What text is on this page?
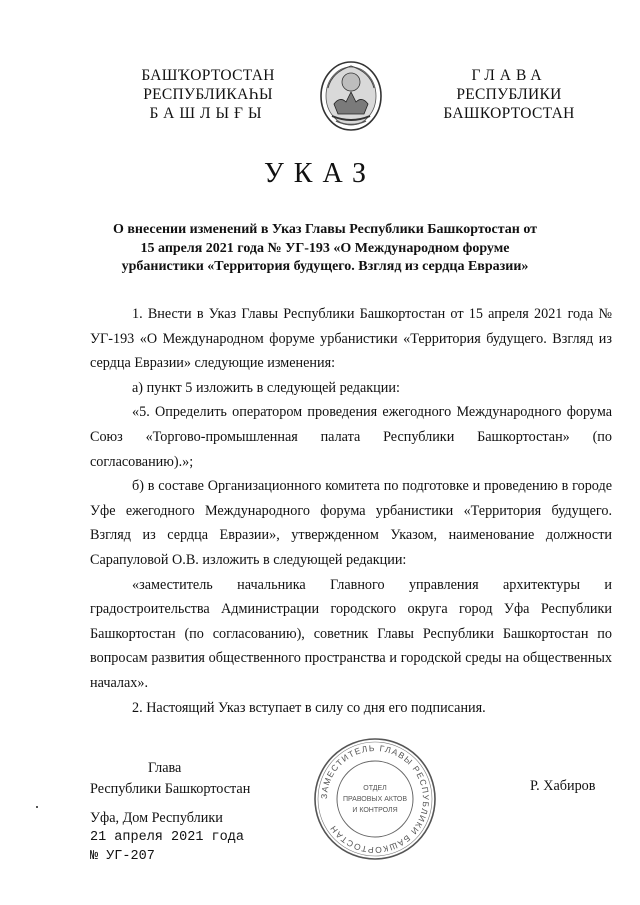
БАШҠОРТОСТАН
РЕСПУБЛИКАҺЫ
БАШЛЫҒЫ
ГЛАВА
РЕСПУБЛИКИ
БАШКОРТОСТАН
УКАЗ
О внесении изменений в Указ Главы Республики Башкортостан от 15 апреля 2021 года № УГ-193 «О Международном форуме урбанистики «Территория будущего. Взгляд из сердца Евразии»

1. Внести в Указ Главы Республики Башкортостан от 15 апреля 2021 года № УГ-193 «О Международном форуме урбанистики «Территория будущего. Взгляд из сердца Евразии» следующие изменения:

а) пункт 5 изложить в следующей редакции:

«5. Определить оператором проведения ежегодного Международного форума Союз «Торгово-промышленная палата Республики Башкортостан» (по согласованию).»;

б) в составе Организационного комитета по подготовке и проведению в городе Уфе ежегодного Международного форума урбанистики «Территория будущего. Взгляд из сердца Евразии», утвержденном Указом, наименование должности Сарапуловой О.В. изложить в следующей редакции:

«заместитель начальника Главного управления архитектуры и градостроительства Администрации городского округа город Уфа Республики Башкортостан (по согласованию), советник Главы Республики Башкортостан по вопросам развития общественного пространства и городской среды на общественных началах».

2. Настоящий Указ вступает в силу со дня его подписания.

Глава
Республики Башкортостан	ЗАМЕСТИТЕЛЬ ГЛАВЫ РЕСПУБЛИКИ БАШКОРТОСТАН
ОТДЕЛ
ПРАВОВЫХ АКТОВ
И КОНТРОЛЯ
Р. Хабиров
Уфа, Дом Республики
21 апреля 2021 года
№ УГ-207
